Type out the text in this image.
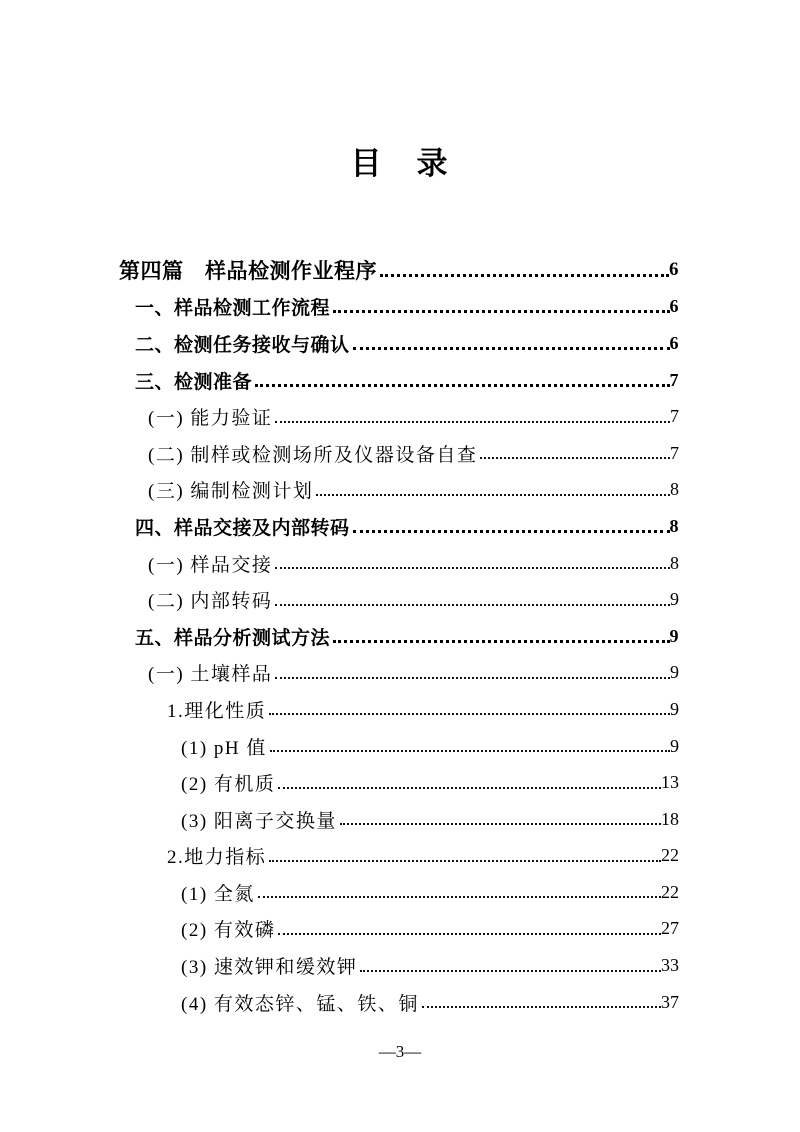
目　录
第四篇　样品检测作业程序	6
一、样品检测工作流程	6
二、检测任务接收与确认	6
三、检测准备	7
(一) 能力验证	7
(二) 制样或检测场所及仪器设备自查	7
(三) 编制检测计划	8
四、样品交接及内部转码	8
(一) 样品交接	8
(二) 内部转码	9
五、样品分析测试方法	9
(一) 土壤样品	9
1.理化性质	9
(1) pH 值	9
(2) 有机质	13
(3) 阳离子交换量	18
2.地力指标	22
(1) 全氮	22
(2) 有效磷	27
(3) 速效钾和缓效钾	33
(4) 有效态锌、锰、铁、铜	37
—3—
